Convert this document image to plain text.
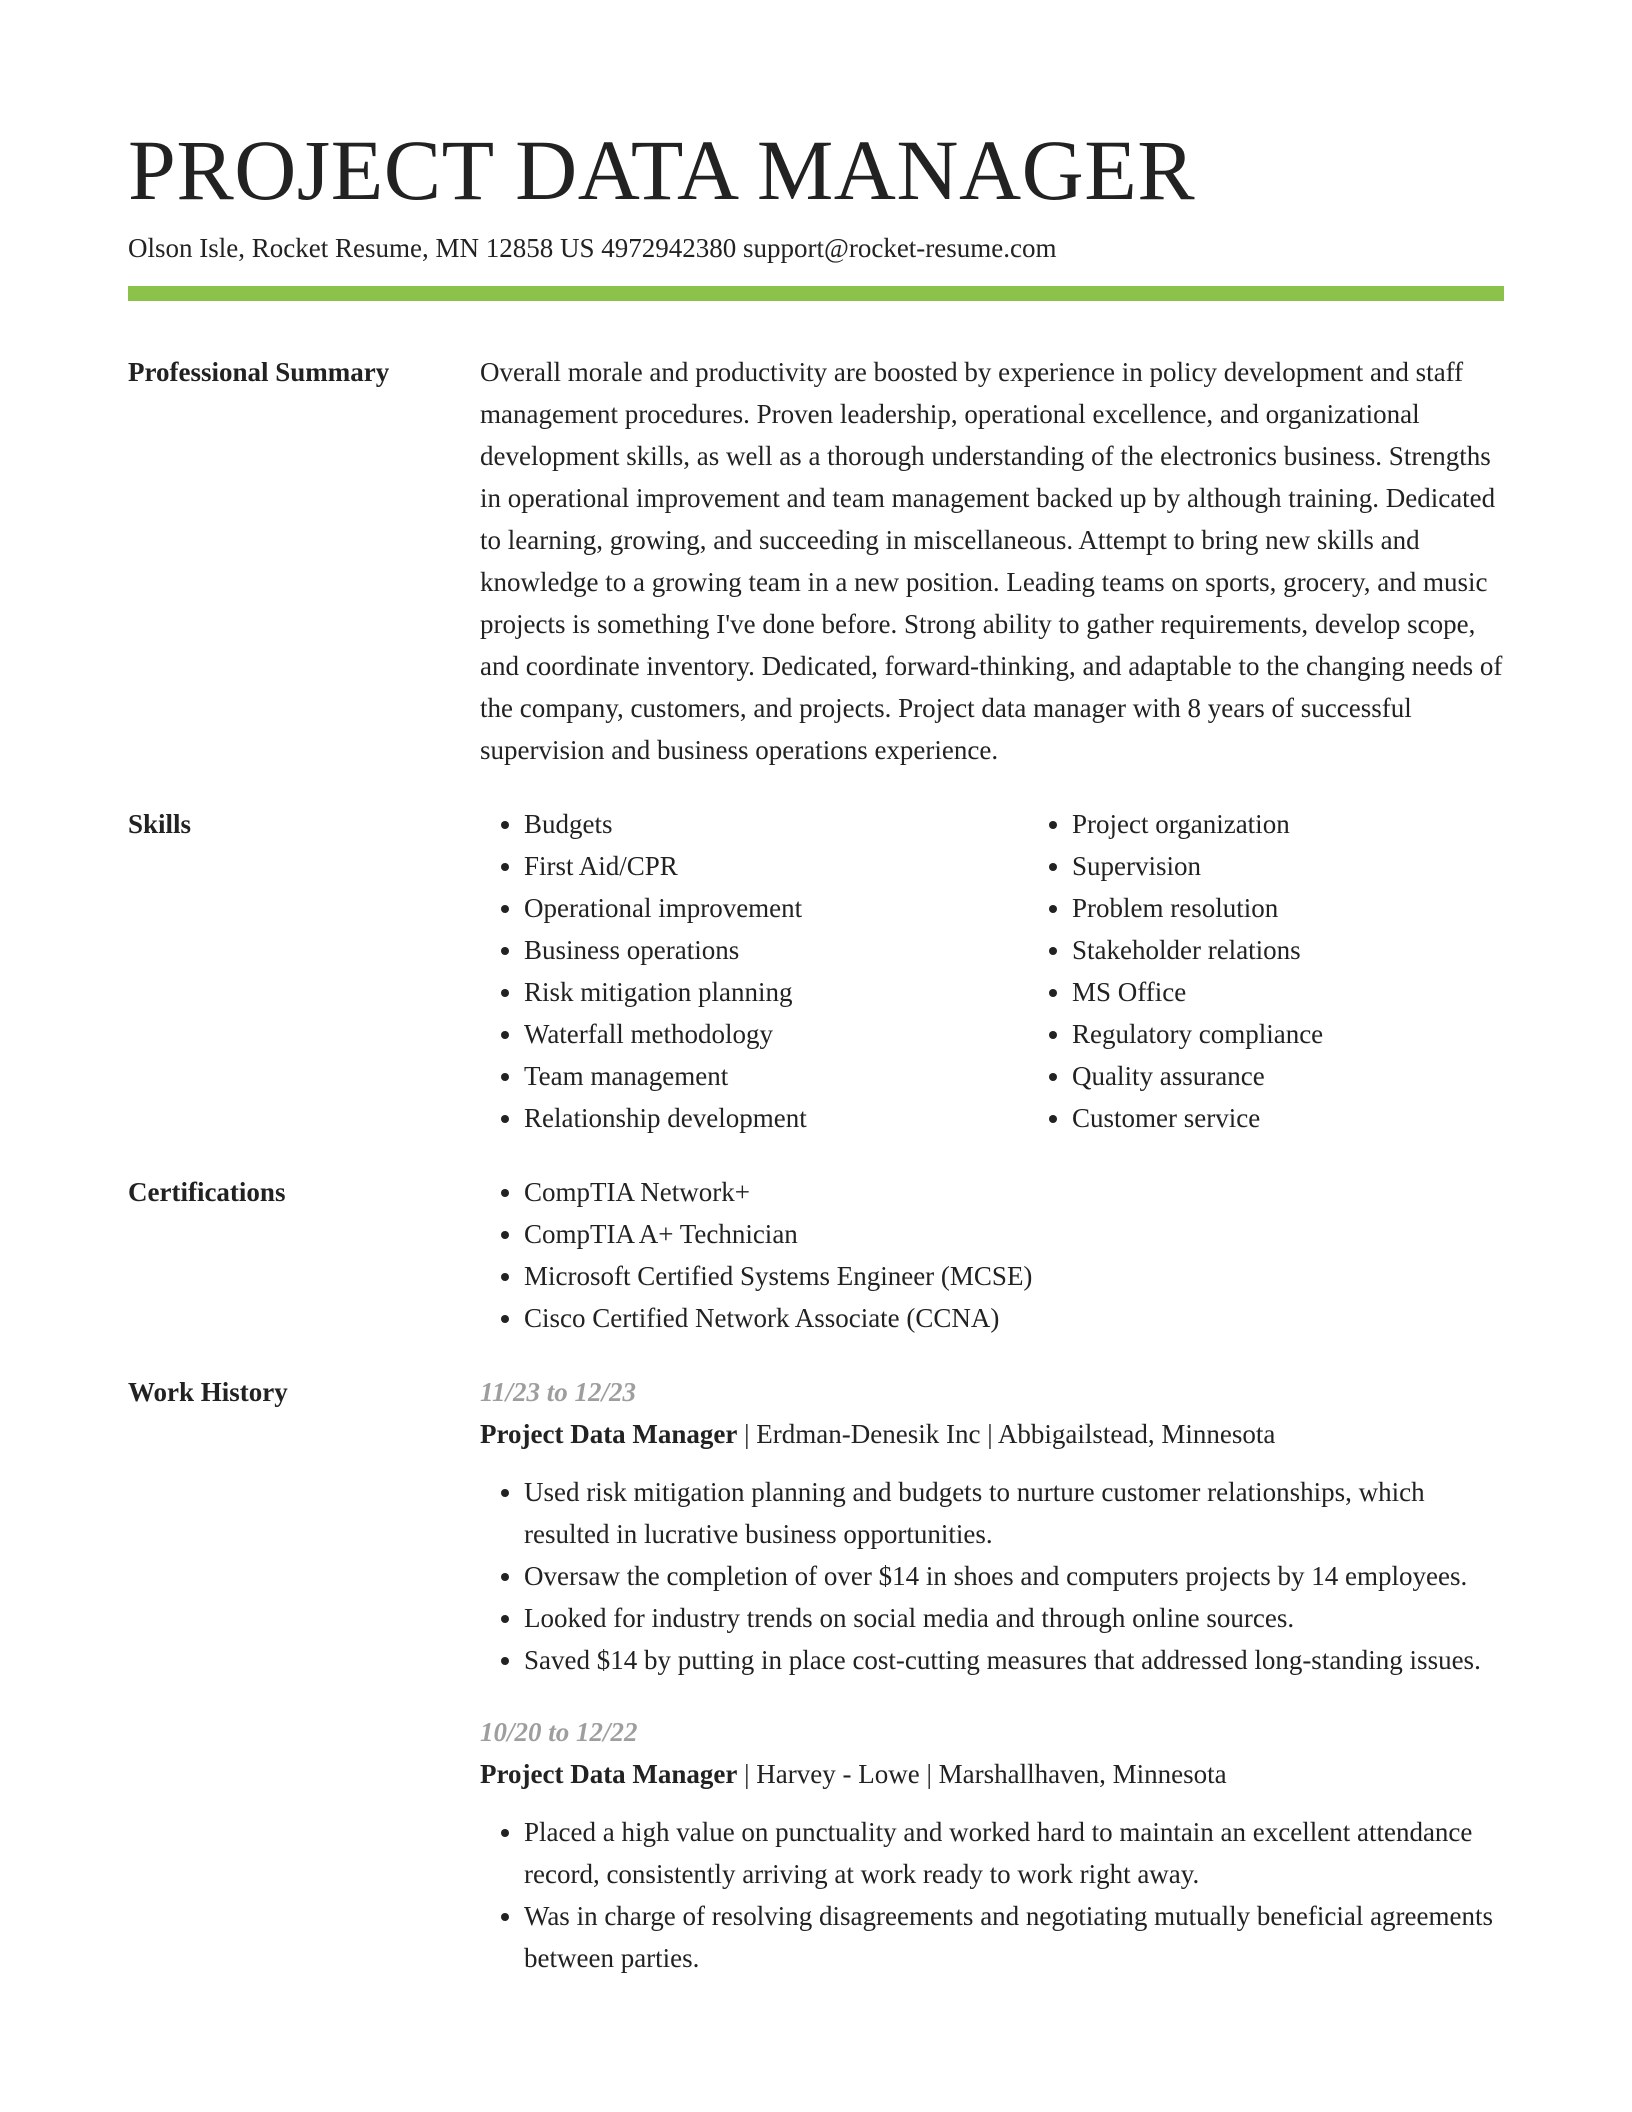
PROJECT DATA MANAGER
Olson Isle, Rocket Resume, MN 12858 US 4972942380 support@rocket-resume.com
Professional Summary	Overall morale and productivity are boosted by experience in policy development and staff management procedures. Proven leadership, operational excellence, and organizational development skills, as well as a thorough understanding of the electronics business. Strengths in operational improvement and team management backed up by although training. Dedicated to learning, growing, and succeeding in miscellaneous. Attempt to bring new skills and knowledge to a growing team in a new position. Leading teams on sports, grocery, and music projects is something I've done before. Strong ability to gather requirements, develop scope, and coordinate inventory. Dedicated, forward-thinking, and adaptable to the changing needs of the company, customers, and projects. Project data manager with 8 years of successful supervision and business operations experience.

Skills	• Budgets
• First Aid/CPR
• Operational improvement
• Business operations
• Risk mitigation planning
• Waterfall methodology
• Team management
• Relationship development
• Project organization
• Supervision
• Problem resolution
• Stakeholder relations
• MS Office
• Regulatory compliance
• Quality assurance
• Customer service
Certifications	• CompTIA Network+
• CompTIA A+ Technician
• Microsoft Certified Systems Engineer (MCSE)
• Cisco Certified Network Associate (CCNA)
Work History	11/23 to 12/23
Project Data Manager | Erdman-Denesik Inc | Abbigailstead, Minnesota
• Used risk mitigation planning and budgets to nurture customer relationships, which resulted in lucrative business opportunities.
• Oversaw the completion of over $14 in shoes and computers projects by 14 employees.
• Looked for industry trends on social media and through online sources.
• Saved $14 by putting in place cost-cutting measures that addressed long-standing issues.
10/20 to 12/22
Project Data Manager | Harvey - Lowe | Marshallhaven, Minnesota
• Placed a high value on punctuality and worked hard to maintain an excellent attendance record, consistently arriving at work ready to work right away.
• Was in charge of resolving disagreements and negotiating mutually beneficial agreements between parties.
